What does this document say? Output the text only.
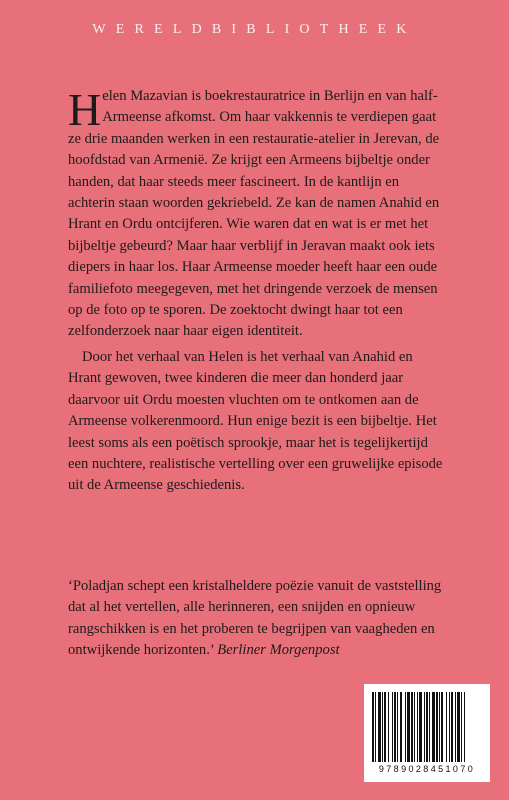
WERELDBIBLIOTHEEK

Helen Mazavian is boekrestauratrice in Berlijn en van half-Armeense afkomst. Om haar vakkennis te verdiepen gaat ze drie maanden werken in een restauratie-atelier in Jerevan, de hoofdstad van Armenië. Ze krijgt een Armeens bijbeltje onder handen, dat haar steeds meer fascineert. In de kantlijn en achterin staan woorden gekriebeld. Ze kan de namen Anahid en Hrant en Ordu ontcijferen. Wie waren dat en wat is er met het bijbeltje gebeurd? Maar haar verblijf in Jeravan maakt ook iets diepers in haar los. Haar Armeense moeder heeft haar een oude familiefoto meegegeven, met het dringende verzoek de mensen op de foto op te sporen. De zoektocht dwingt haar tot een zelfonderzoek naar haar eigen identiteit.

Door het verhaal van Helen is het verhaal van Anahid en Hrant gewoven, twee kinderen die meer dan honderd jaar daarvoor uit Ordu moesten vluchten om te ontkomen aan de Armeense volkerenmoord. Hun enige bezit is een bijbeltje. Het leest soms als een poëtisch sprookje, maar het is tegelijkertijd een nuchtere, realistische vertelling over een gruwelijke episode uit de Armeense geschiedenis.

‘Poladjan schept een kristalheldere poëzie vanuit de vaststelling dat al het vertellen, alle herinneren, een snijden en opnieuw rangschikken is en het proberen te begrijpen van vaagheden en ontwijkende horizonten.’ Berliner Morgenpost
9789028451070
